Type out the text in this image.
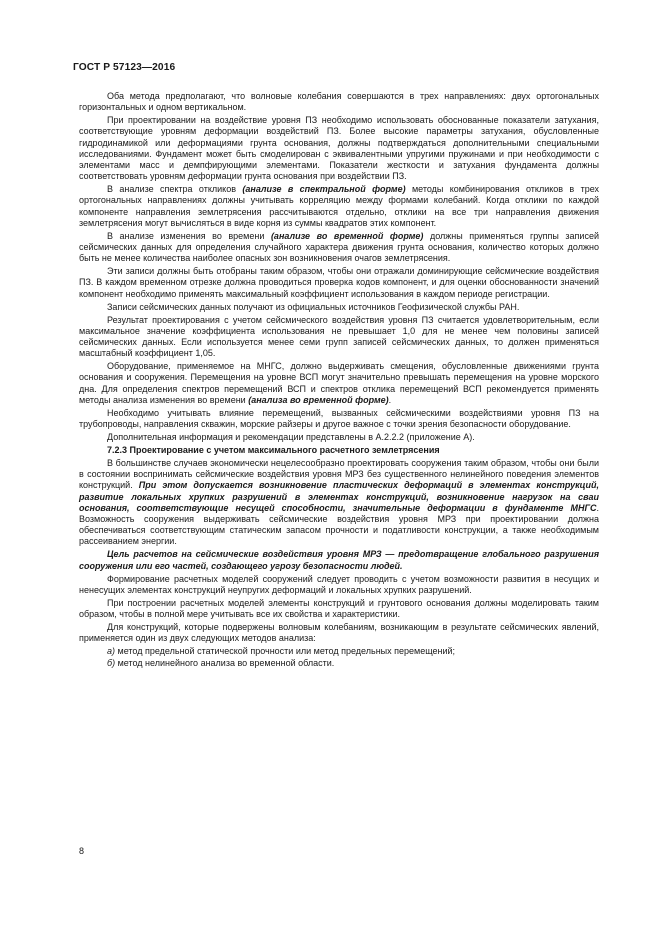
ГОСТ Р 57123—2016

Оба метода предполагают, что волновые колебания совершаются в трех направлениях: двух ортогональных горизонтальных и одном вертикальном.

При проектировании на воздействие уровня ПЗ необходимо использовать обоснованные показатели затухания, соответствующие уровням деформации воздействий ПЗ. Более высокие параметры затухания, обусловленные гидродинамикой или деформациями грунта основания, должны подтверждаться дополнительными специальными исследованиями. Фундамент может быть смоделирован с эквивалентными упругими пружинами и при необходимости с элементами масс и демпфирующими элементами. Показатели жесткости и затухания фундамента должны соответствовать уровням деформации грунта основания при воздействии ПЗ.

В анализе спектра откликов (анализе в спектральной форме) методы комбинирования откликов в трех ортогональных направлениях должны учитывать корреляцию между формами колебаний. Когда отклики по каждой компоненте направления землетрясения рассчитываются отдельно, отклики на все три направления движения землетрясения могут вычисляться в виде корня из суммы квадратов этих компонент.

В анализе изменения во времени (анализе во временной форме) должны применяться группы записей сейсмических данных для определения случайного характера движения грунта основания, количество которых должно быть не менее количества наиболее опасных зон возникновения очагов землетрясения.

Эти записи должны быть отобраны таким образом, чтобы они отражали доминирующие сейсмические воздействия ПЗ. В каждом временном отрезке должна проводиться проверка кодов компонент, и для оценки обоснованности значений компонент необходимо применять максимальный коэффициент использования в каждом периоде регистрации.

Записи сейсмических данных получают из официальных источников Геофизической службы РАН.

Результат проектирования с учетом сейсмического воздействия уровня ПЗ считается удовлетворительным, если максимальное значение коэффициента использования не превышает 1,0 для не менее чем половины записей сейсмических данных. Если используется менее семи групп записей сейсмических данных, то должен применяться масштабный коэффициент 1,05.

Оборудование, применяемое на МНГС, должно выдерживать смещения, обусловленные движениями грунта основания и сооружения. Перемещения на уровне ВСП могут значительно превышать перемещения на уровне морского дна. Для определения спектров перемещений ВСП и спектров отклика перемещений ВСП рекомендуется применять методы анализа изменения во времени (анализа во временной форме).

Необходимо учитывать влияние перемещений, вызванных сейсмическими воздействиями уровня ПЗ на трубопроводы, направления скважин, морские райзеры и другое важное с точки зрения безопасности оборудование.

Дополнительная информация и рекомендации представлены в А.2.2.2 (приложение А).

7.2.3 Проектирование с учетом максимального расчетного землетрясения

В большинстве случаев экономически нецелесообразно проектировать сооружения таким образом, чтобы они были в состоянии воспринимать сейсмические воздействия уровня МРЗ без существенного нелинейного поведения элементов конструкций. При этом допускается возникновение пластических деформаций в элементах конструкций, развитие локальных хрупких разрушений в элементах конструкций, возникновение нагрузок на сваи основания, соответствующие несущей способности, значительные деформации в фундаменте МНГС. Возможность сооружения выдерживать сейсмические воздействия уровня МРЗ при проектировании должна обеспечиваться соответствующим статическим запасом прочности и податливости конструкции, а также необходимым рассеиванием энергии.

Цель расчетов на сейсмические воздействия уровня МРЗ — предотвращение глобального разрушения сооружения или его частей, создающего угрозу безопасности людей.

Формирование расчетных моделей сооружений следует проводить с учетом возможности развития в несущих и ненесущих элементах конструкций неупругих деформаций и локальных хрупких разрушений.

При построении расчетных моделей элементы конструкций и грунтового основания должны моделировать таким образом, чтобы в полной мере учитывать все их свойства и характеристики.

Для конструкций, которые подвержены волновым колебаниям, возникающим в результате сейсмических явлений, применяется один из двух следующих методов анализа:

а) метод предельной статической прочности или метод предельных перемещений;

б) метод нелинейного анализа во временной области.

8
